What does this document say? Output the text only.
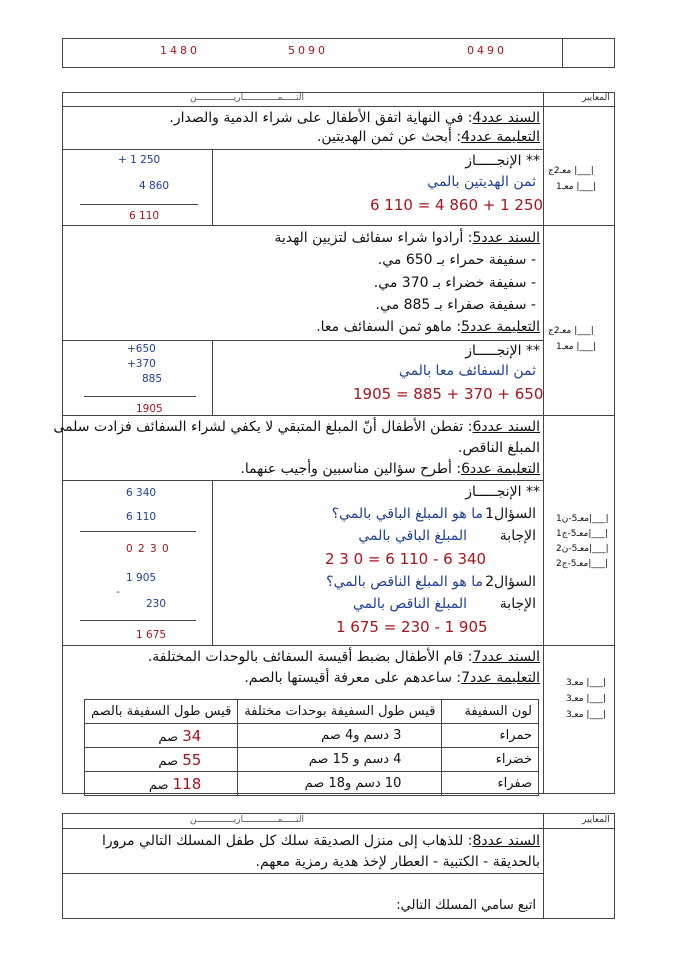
1480	5090	0490
التـــــمـــــــــــــاريــــــــــــــن	المعايير
السند عدد4: في النهاية اتفق الأطفال على شراء الدمية والصدار.
التعليمة عدد4: أبحث عن ثمن الهديتين.
معـ2ج |___|
معـ1 |___|
** الإنجـــــاز
ثمن الهديتين بالمي
6 110 = 4 860 + 1 250
+ 1 250
4 860
6 110
السند عدد5: أرادوا شراء سفائف لتزيين الهدية
- سفيفة حمراء بـ 650 مي.
- سفيفة خضراء بـ 370 مي.
- سفيفة صفراء بـ 885 مي.
التعليمة عدد5: ماهو ثمن السفائف معا.	معـ2ج |___|
معـ1 |___|
** الإنجـــــاز
ثمن السفائف معا بالمي
1905 = 885 + 370 + 650
+650
+370
885
1905
السند عدد6: تفطن الأطفال أنّ المبلغ المتبقي لا يكفي لشراء السفائف فزادت سلمى
المبلغ الناقص.
التعليمة عدد6: أطرح سؤالين مناسبين وأجيب عنهما.
معـ5-ن1|___|
معـ5-ج1|___|
معـ5-ن2|___|
معـ5-ج2|___|
** الإنجـــــاز
السؤال1
ما هو المبلغ الباقي بالمي؟
الإجابة
المبلغ الباقي بالمي
2 3 0 = 6 110 - 6 340
السؤال2
ما هو المبلغ الناقص بالمي؟
الإجابة
المبلغ الناقص بالمي
1 675 = 230 - 1 905
6 340
6 110
0 2 3 0
1 905
-
230
1 675
السند عدد7: قام الأطفال بضبط أقيسة السفائف بالوحدات المختلفة.
التعليمة عدد7: ساعدهم على معرفة أقيستها بالصم.	معـ3 |___|
معـ3 |___|
معـ3 |___|
لون السفيفة	قيس طول السفيفة بوحدات مختلفة	قيس طول السفيفة بالصم
حمراء	3 دسم و4 صم	34 صم
خضراء	4 دسم و 15 صم	55 صم
صفراء	10 دسم و18 صم	118 صم
التـــــمـــــــــــــاريــــــــــــــن	المعايير
السند عدد8: للذهاب إلى منزل الصديقة سلك كل طفل المسلك التالي مرورا
بالحديقة - الكتبية - العطار لإخذ هدية رمزية معهم.
اتبع سامي المسلك التالي:
